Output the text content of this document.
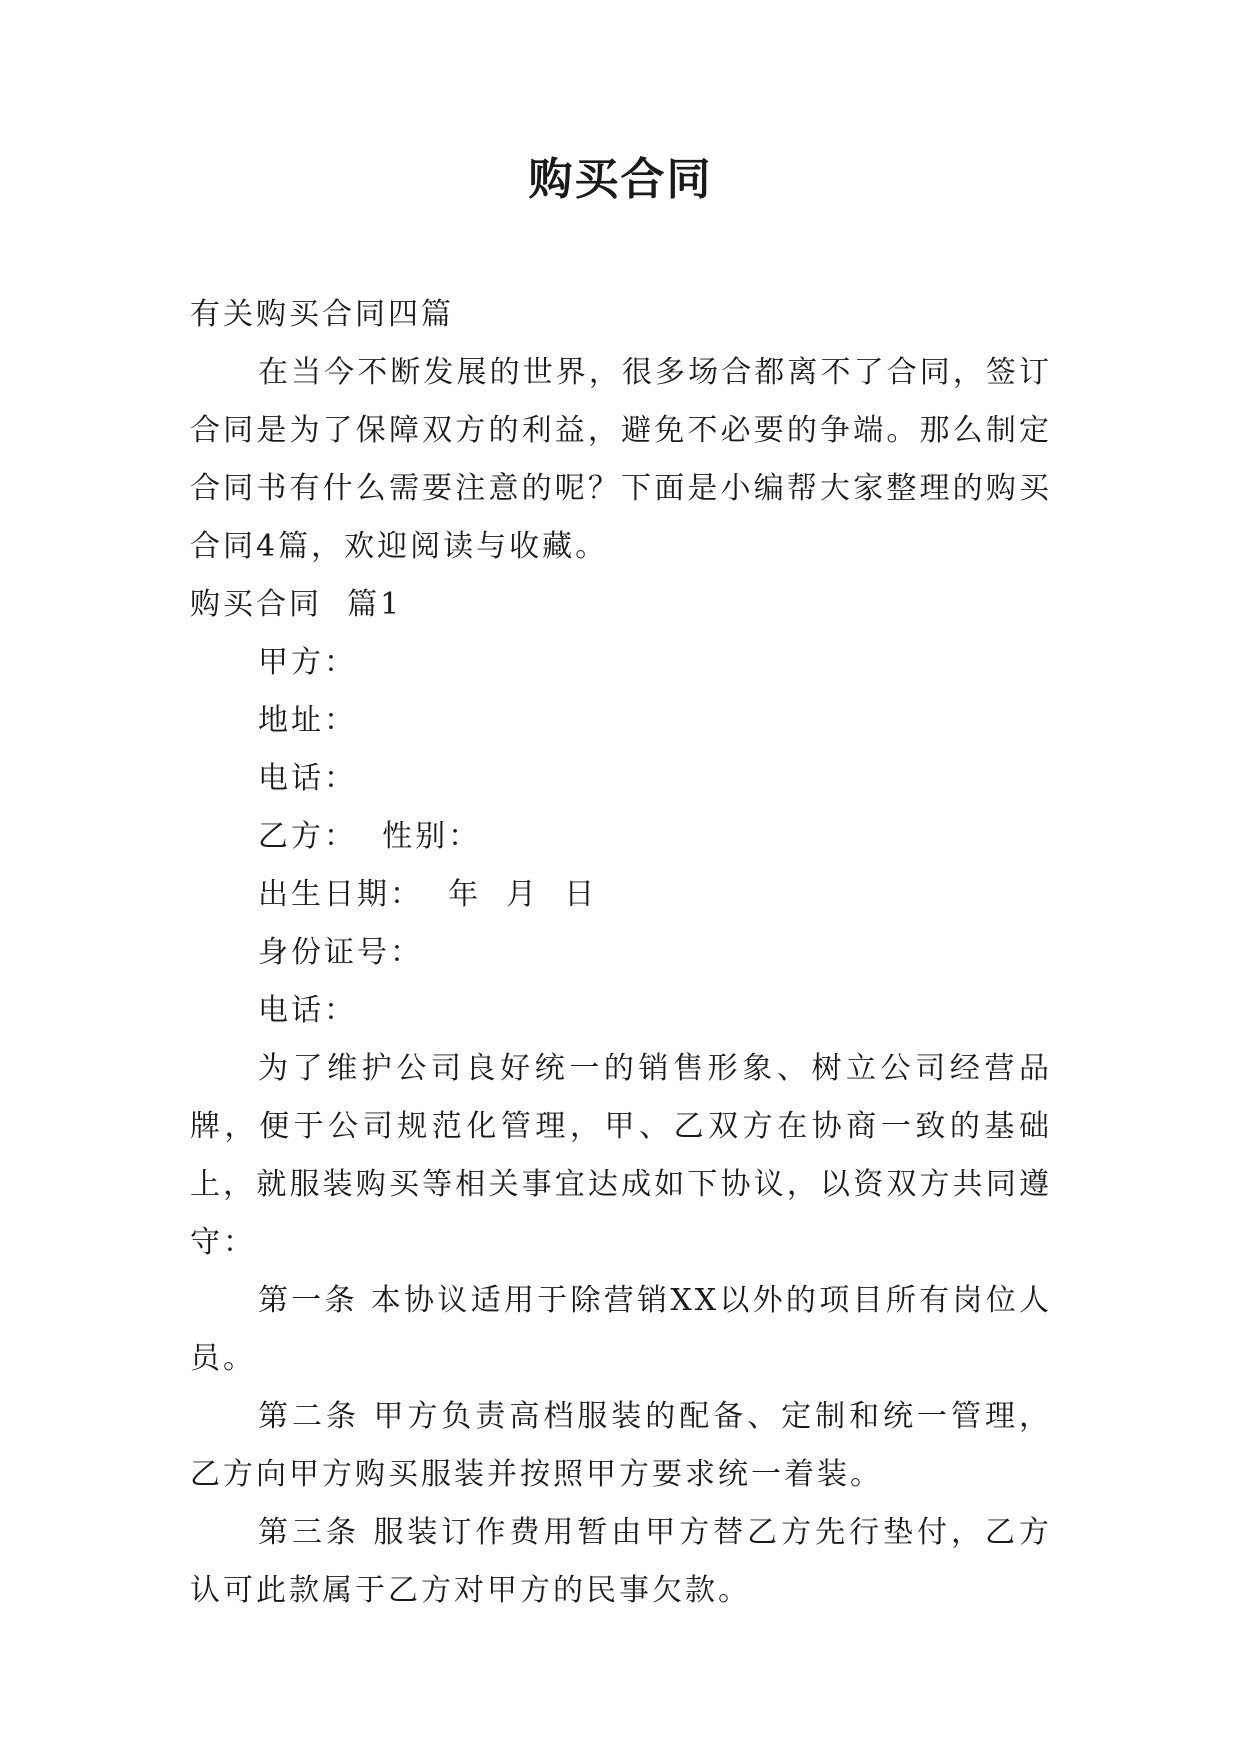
购买合同

有关购买合同四篇

在当今不断发展的世界，很多场合都离不了合同，签订合同是为了保障双方的利益，避免不必要的争端。那么制定合同书有什么需要注意的呢？下面是小编帮大家整理的购买合同4篇，欢迎阅读与收藏。

购买合同  篇1

甲方：

地址：

电话：

乙方：  性别：

出生日期：  年  月  日

身份证号：

电话：

为了维护公司良好统一的销售形象、树立公司经营品牌，便于公司规范化管理，甲、乙双方在协商一致的基础上，就服装购买等相关事宜达成如下协议，以资双方共同遵守：

第一条 本协议适用于除营销XX以外的项目所有岗位人员。

第二条 甲方负责高档服装的配备、定制和统一管理，乙方向甲方购买服装并按照甲方要求统一着装。

第三条 服装订作费用暂由甲方替乙方先行垫付，乙方认可此款属于乙方对甲方的民事欠款。
